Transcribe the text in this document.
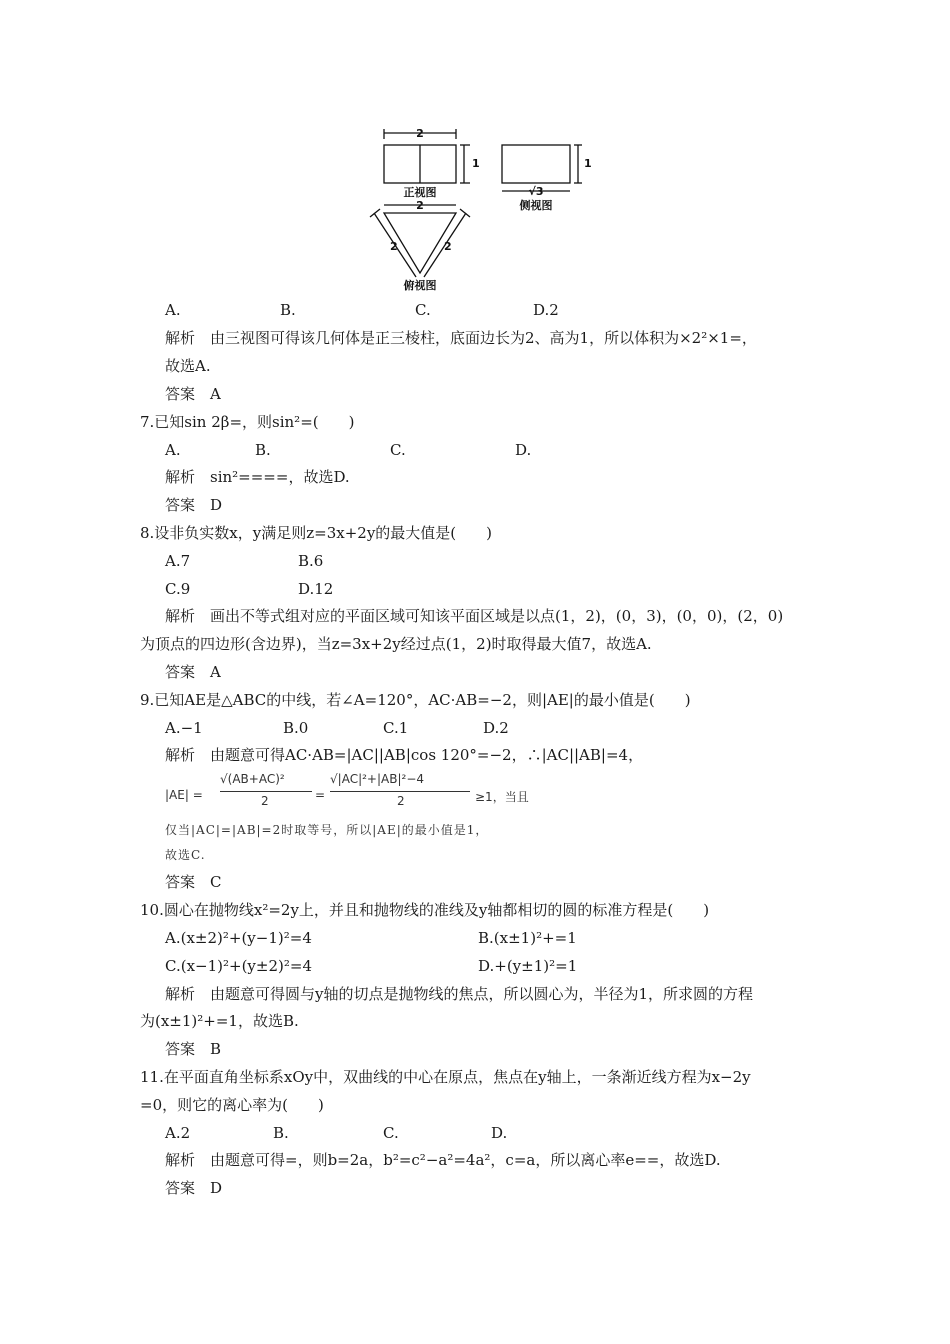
2
1
正视图
1
√3
侧视图
2
2	2
俯视图
A.	B.	C.	D.2
解析　由三视图可得该几何体是正三棱柱，底面边长为2、高为1，所以体积为×2²×1=，
故选A.
答案　A
7.已知sin 2β=，则sin²=(　　)
A.	B.	C.	D.
解析　sin²====，故选D.
答案　D
8.设非负实数x，y满足则z=3x+2y的最大值是(　　)
A.7	B.6
C.9	D.12
解析　画出不等式组对应的平面区域可知该平面区域是以点(1，2)，(0，3)，(0，0)，(2，0)
为顶点的四边形(含边界)，当z=3x+2y经过点(1，2)时取得最大值7，故选A.
答案　A
9.已知AE是△ABC的中线，若∠A=120°，AC·AB=−2，则|AE|的最小值是(　　)
A.−1	B.0	C.1	D.2
解析　由题意可得AC·AB=|AC||AB|cos 120°=−2，∴|AC||AB|=4，
|AE| =
√(AB+AC)²
2	=
√|AC|²+|AB|²−4
2	≥1，当且
仅当|AC|=|AB|=2时取等号，所以|AE|的最小值是1，
故选C.
答案　C
10.圆心在抛物线x²=2y上，并且和抛物线的准线及y轴都相切的圆的标准方程是(　　)
A.(x±2)²+(y−1)²=4	B.(x±1)²+=1
C.(x−1)²+(y±2)²=4	D.+(y±1)²=1
解析　由题意可得圆与y轴的切点是抛物线的焦点，所以圆心为，半径为1，所求圆的方程
为(x±1)²+=1，故选B.
答案　B
11.在平面直角坐标系xOy中，双曲线的中心在原点，焦点在y轴上，一条渐近线方程为x−2y
=0，则它的离心率为(　　)
A.2	B.	C.	D.
解析　由题意可得=，则b=2a，b²=c²−a²=4a²，c=a，所以离心率e==，故选D.
答案　D
